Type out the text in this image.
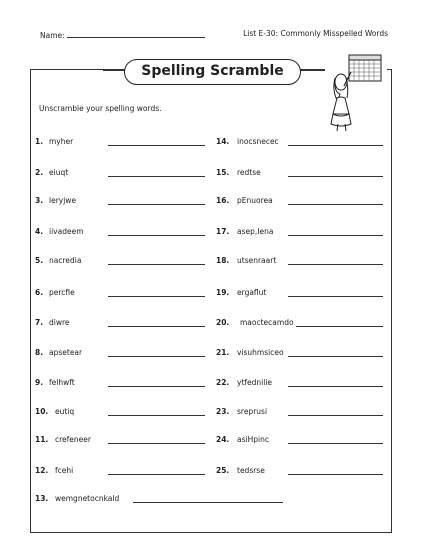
Name:	List E-30: Commonly Misspelled Words
Spelling Scramble
Unscramble your spelling words.
1. myher
2. eiuqt
3. leryjwe
4. iivadeem
5. nacredia
6. percfie
7. diwre
8. apsetear
9. felhwft
10. eutiq
11. crefeneer
12. fcehi
13. wemgnetocnkald
14. inocsnecec
15. redtse
16. pEnuorea
17. asep,Iena
18. utsenraart
19. ergaflut
20. maoctecamdo
21. visuhmsiceo
22. ytfednilie
23. sreprusi
24. asiHpinc
25. tedsrse
